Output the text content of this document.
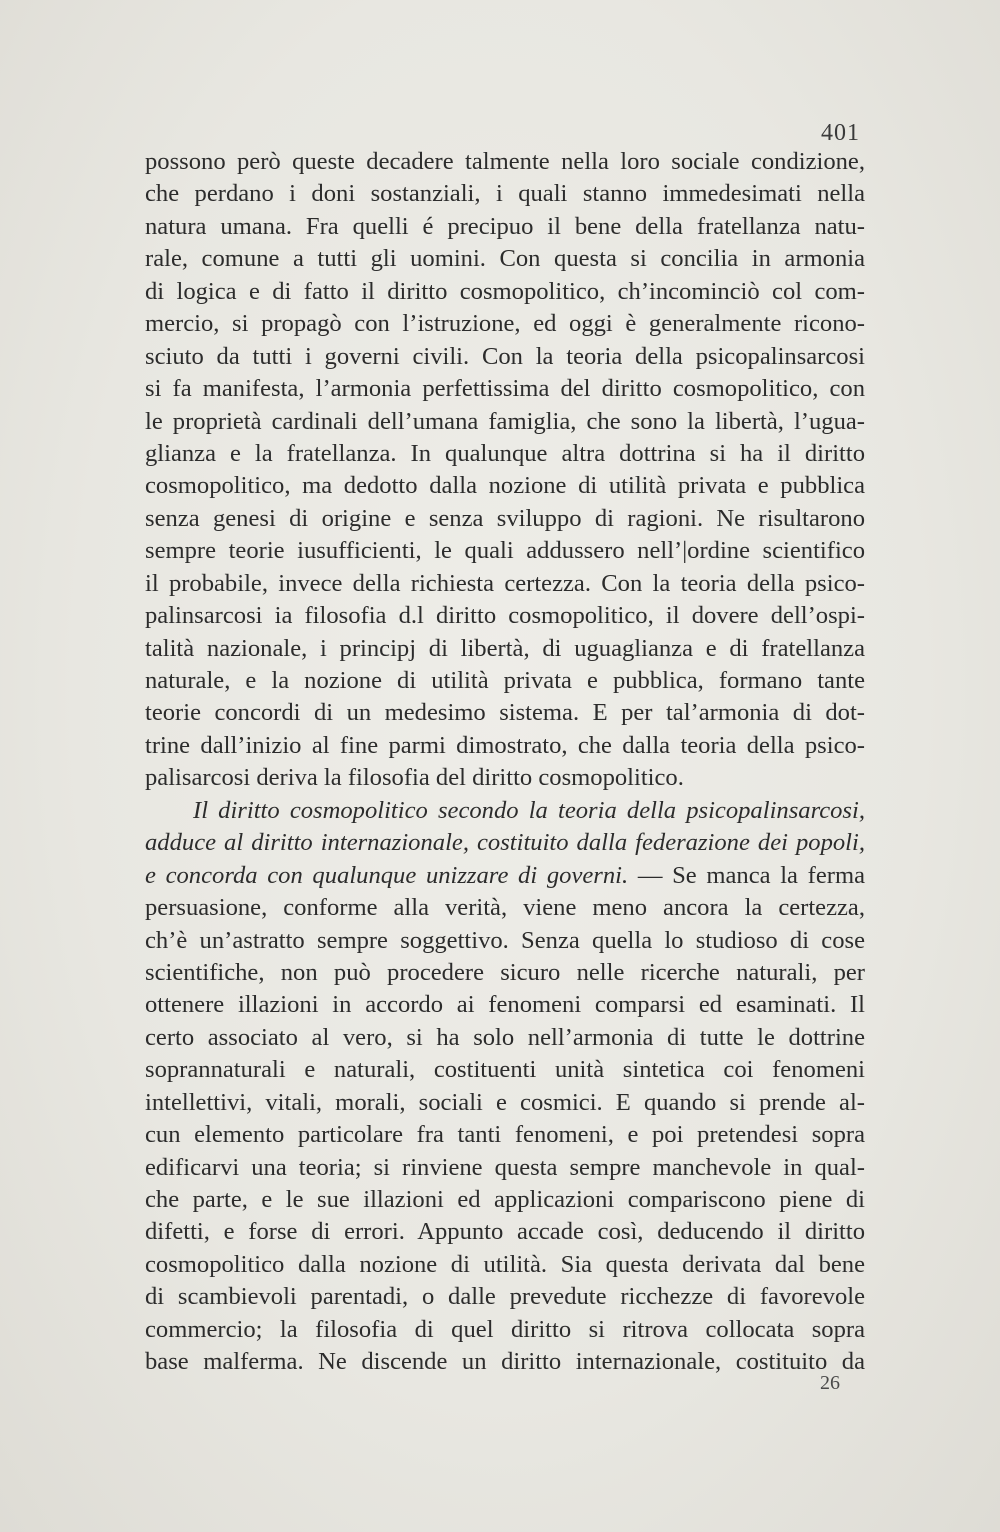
401
possono però queste decadere talmente nella loro sociale condizione,
che perdano i doni sostanziali, i quali stanno immedesimati nella
natura umana. Fra quelli é precipuo il bene della fratellanza natu-
rale, comune a tutti gli uomini. Con questa si concilia in armonia
di logica e di fatto il diritto cosmopolitico, ch’incominciò col com-
mercio, si propagò con l’istruzione, ed oggi è generalmente ricono-
sciuto da tutti i governi civili. Con la teoria della psicopalinsarcosi
si fa manifesta, l’armonia perfettissima del diritto cosmopolitico, con
le proprietà cardinali dell’umana famiglia, che sono la libertà, l’ugua-
glianza e la fratellanza. In qualunque altra dottrina si ha il diritto
cosmopolitico, ma dedotto dalla nozione di utilità privata e pubblica
senza genesi di origine e senza sviluppo di ragioni. Ne risultarono
sempre teorie iusufficienti, le quali addussero nell’|ordine scientifico
il probabile, invece della richiesta certezza. Con la teoria della psico-
palinsarcosi ia filosofia d.l diritto cosmopolitico, il dovere dell’ospi-
talità nazionale, i principj di libertà, di uguaglianza e di fratellanza
naturale, e la nozione di utilità privata e pubblica, formano tante
teorie concordi di un medesimo sistema. E per tal’armonia di dot-
trine dall’inizio al fine parmi dimostrato, che dalla teoria della psico-
palisarcosi deriva la filosofia del diritto cosmopolitico.
Il diritto cosmopolitico secondo la teoria della psicopalinsarcosi,
adduce al diritto internazionale, costituito dalla federazione dei popoli,
e concorda con qualunque unizzare di governi. — Se manca la ferma
persuasione, conforme alla verità, viene meno ancora la certezza,
ch’è un’astratto sempre soggettivo. Senza quella lo studioso di cose
scientifiche, non può procedere sicuro nelle ricerche naturali, per
ottenere illazioni in accordo ai fenomeni comparsi ed esaminati. Il
certo associato al vero, si ha solo nell’armonia di tutte le dottrine
soprannaturali e naturali, costituenti unità sintetica coi fenomeni
intellettivi, vitali, morali, sociali e cosmici. E quando si prende al-
cun elemento particolare fra tanti fenomeni, e poi pretendesi sopra
edificarvi una teoria; si rinviene questa sempre manchevole in qual-
che parte, e le sue illazioni ed applicazioni compariscono piene di
difetti, e forse di errori. Appunto accade così, deducendo il diritto
cosmopolitico dalla nozione di utilità. Sia questa derivata dal bene
di scambievoli parentadi, o dalle prevedute ricchezze di favorevole
commercio; la filosofia di quel diritto si ritrova collocata sopra
base malferma. Ne discende un diritto internazionale, costituito da
26
